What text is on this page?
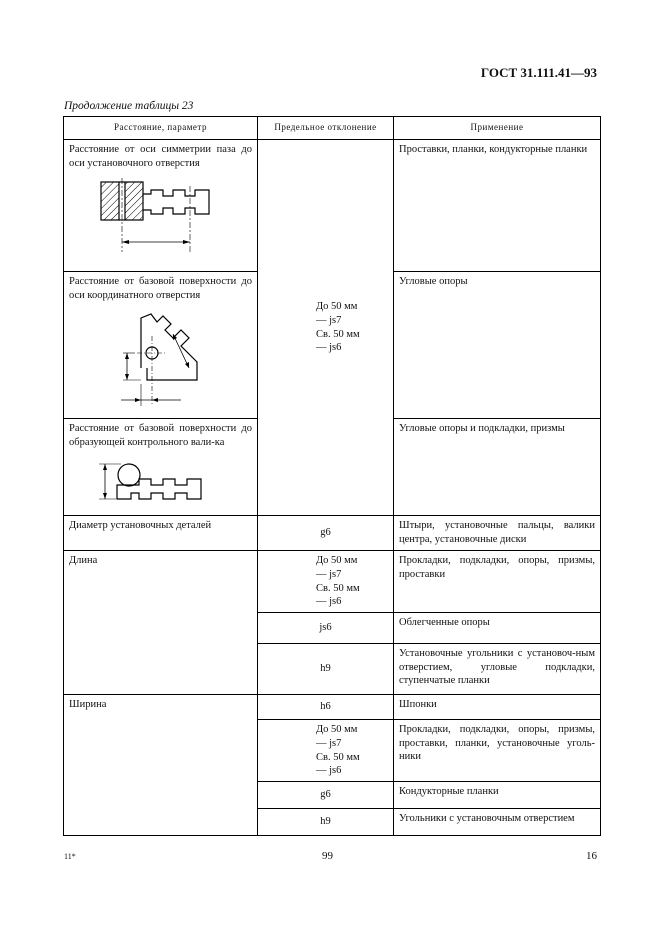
ГОСТ 31.111.41—93
Продолжение таблицы 23
Расстояние, параметр	Предельное отклонение	Применение

Расстояние от оси симметрии паза до оси установочного отверстия	До 50 мм
— js7
Св. 50 мм
— js6	Проставки, планки, кондукторные планки

Расстояние от базовой поверхности до оси координатного отверстия		Угловые опоры

Расстояние от базовой поверхности до образующей контрольного вали-ка		Угловые опоры и подкладки, призмы

Диаметр установочных деталей	g6	Штыри, установочные пальцы, валики центра, установочные диски

Длина	До 50 мм
— js7
Св. 50 мм
— js6	Прокладки, подкладки, опоры, призмы, проставки

	js6	Облегченные опоры

	h9	Установочные угольники с установоч-ным отверстием, угловые подкладки, ступенчатые планки

Ширина	h6	Шпонки

	До 50 мм
— js7
Св. 50 мм
— js6	Прокладки, подкладки, опоры, призмы, проставки, планки, установочные уголь-ники

	g6	Кондукторные планки

	h9	Угольники с установочным отверстием
11*	99	16
